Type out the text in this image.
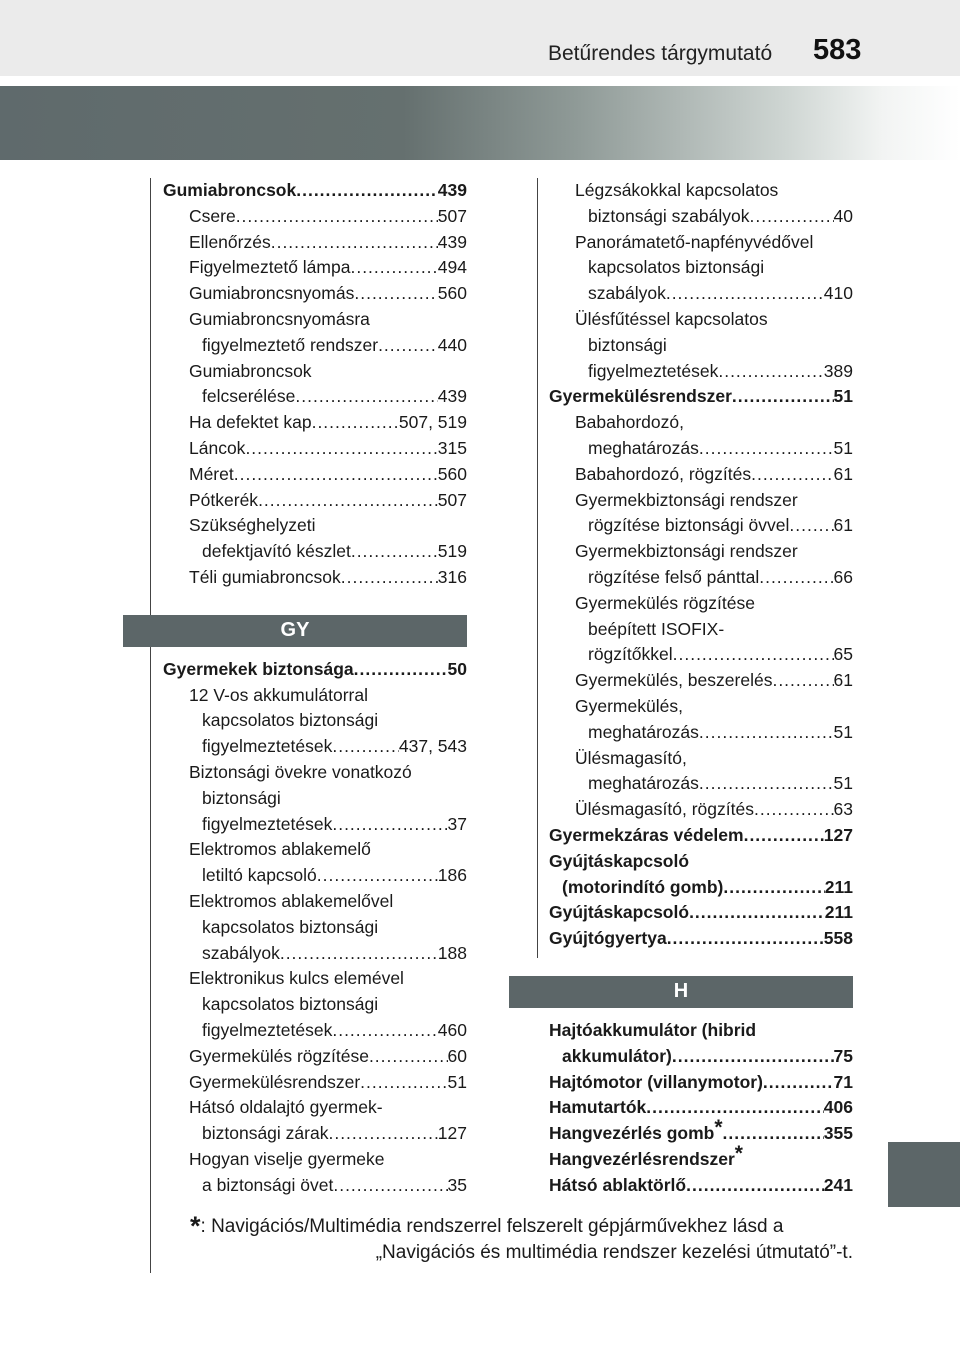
Betűrendes tárgymutató 583
Gumiabroncsok .....	439
Csere .....	507
Ellenőrzés .....	439
Figyelmeztető lámpa .....	494
Gumiabroncsnyomás .....	560
Gumiabroncsnyomásra
figyelmeztető rendszer .....	440
Gumiabroncsok
felcserélése .....	439
Ha defektet kap .....	507, 519
Láncok .....	315
Méret .....	560
Pótkerék .....	507
Szükséghelyzeti
defektjavító készlet .....	519
Téli gumiabroncsok .....	316
GY
Gyermekek biztonsága .....	50
12 V-os akkumulátorral
kapcsolatos biztonsági
figyelmeztetések .....	437, 543
Biztonsági övekre vonatkozó
biztonsági
figyelmeztetések .....	37
Elektromos ablakemelő
letiltó kapcsoló .....	186
Elektromos ablakemelővel
kapcsolatos biztonsági
szabályok .....	188
Elektronikus kulcs elemével
kapcsolatos biztonsági
figyelmeztetések .....	460
Gyermekülés rögzítése .....	60
Gyermekülésrendszer .....	51
Hátsó oldalajtó gyermek-
biztonsági zárak .....	127
Hogyan viselje gyermeke
a biztonsági övet .....	35
Légzsákokkal kapcsolatos
biztonsági szabályok .....	40
Panorámatető-napfényvédővel
kapcsolatos biztonsági
szabályok .....	410
Ülésfűtéssel kapcsolatos
biztonsági
figyelmeztetések .....	389
Gyermekülésrendszer .....	51
Babahordozó,
meghatározás .....	51
Babahordozó, rögzítés .....	61
Gyermekbiztonsági rendszer
rögzítése biztonsági övvel .....	61
Gyermekbiztonsági rendszer
rögzítése felső pánttal .....	66
Gyermekülés rögzítése
beépített ISOFIX-
rögzítőkkel .....	65
Gyermekülés, beszerelés .....	61
Gyermekülés,
meghatározás .....	51
Ülésmagasító,
meghatározás .....	51
Ülésmagasító, rögzítés .....	63
Gyermekzáras védelem .....	127
Gyújtáskapcsoló
(motorindító gomb) .....	211
Gyújtáskapcsoló .....	211
Gyújtógyertya .....	558
H
Hajtóakkumulátor (hibrid
akkumulátor) .....	75
Hajtómotor (villanymotor) .....	71
Hamutartók .....	406
Hangvezérlés gomb* .....	355
Hangvezérlésrendszer*
Hátsó ablaktörlő .....	241
*: Navigációs/Multimédia rendszerrel felszerelt gépjárművekhez lásd a
„Navigációs és multimédia rendszer kezelési útmutató”-t.
